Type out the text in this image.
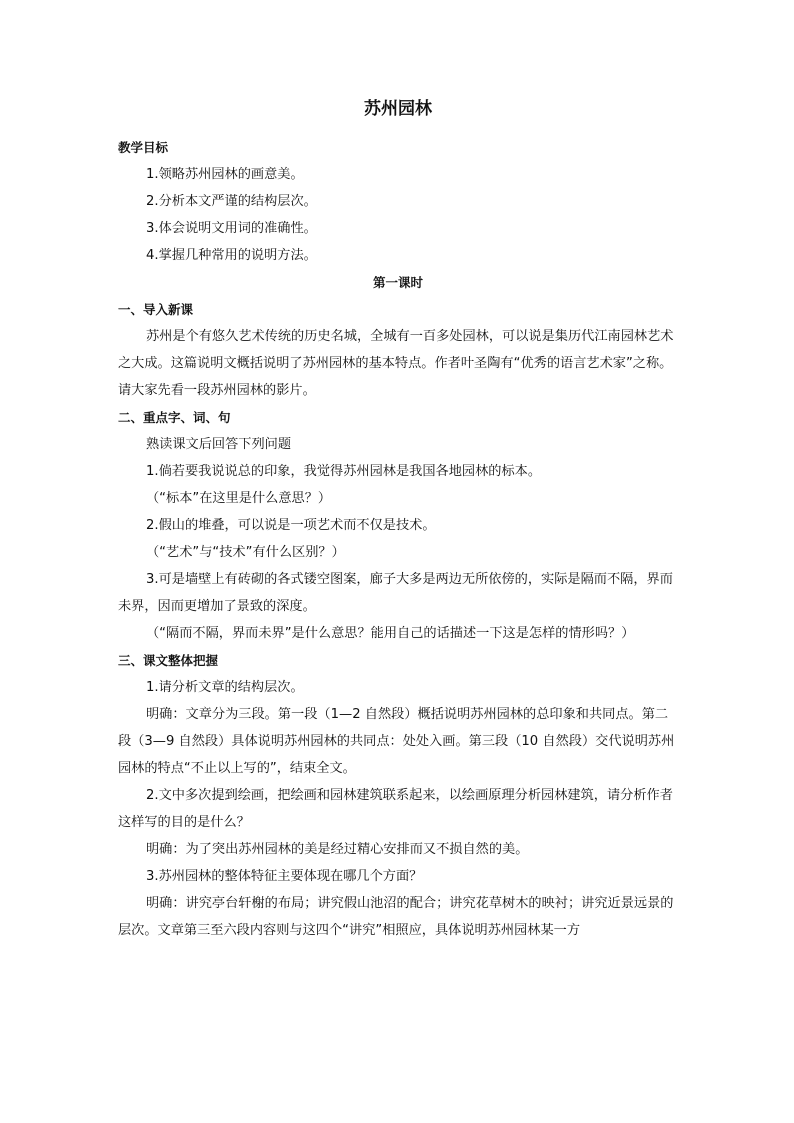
苏州园林
教学目标
1.领略苏州园林的画意美。
2.分析本文严谨的结构层次。
3.体会说明文用词的准确性。
4.掌握几种常用的说明方法。
第一课时
一、导入新课

苏州是个有悠久艺术传统的历史名城，全城有一百多处园林，可以说是集历代江南园林艺术之大成。这篇说明文概括说明了苏州园林的基本特点。作者叶圣陶有“优秀的语言艺术家”之称。请大家先看一段苏州园林的影片。

二、重点字、词、句

熟读课文后回答下列问题

1.倘若要我说说总的印象，我觉得苏州园林是我国各地园林的标本。

（“标本”在这里是什么意思？）

2.假山的堆叠，可以说是一项艺术而不仅是技术。

（“艺术”与“技术”有什么区别？）

3.可是墙壁上有砖砌的各式镂空图案，廊子大多是两边无所依傍的，实际是隔而不隔，界而未界，因而更增加了景致的深度。

（“隔而不隔，界而未界”是什么意思？能用自己的话描述一下这是怎样的情形吗？）

三、课文整体把握

1.请分析文章的结构层次。

明确：文章分为三段。第一段（1—2 自然段）概括说明苏州园林的总印象和共同点。第二段（3—9 自然段）具体说明苏州园林的共同点：处处入画。第三段（10 自然段）交代说明苏州园林的特点“不止以上写的”，结束全文。

2.文中多次提到绘画，把绘画和园林建筑联系起来，以绘画原理分析园林建筑，请分析作者这样写的目的是什么？

明确：为了突出苏州园林的美是经过精心安排而又不损自然的美。

3.苏州园林的整体特征主要体现在哪几个方面？

明确：讲究亭台轩榭的布局；讲究假山池沼的配合；讲究花草树木的映衬；讲究近景远景的层次。文章第三至六段内容则与这四个“讲究”相照应，具体说明苏州园林某一方
